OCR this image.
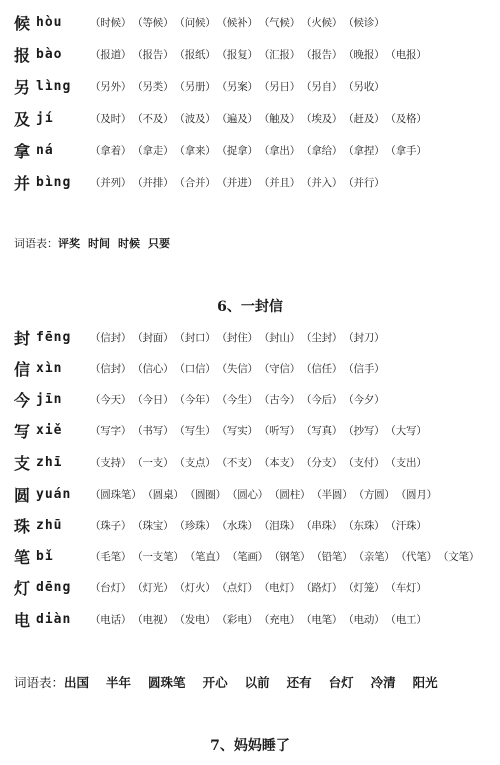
候 hòu	（时候） （等候） （问候） （候补） （气候） （火候） （候诊）
报 bào	（报道） （报告） （报纸） （报复） （汇报） （报告） （晚报） （电报）
另 lìng	（另外） （另类） （另册） （另案） （另日） （另自） （另收）
及 jí	（及时） （不及） （波及） （遍及） （触及） （埃及） （赶及） （及格）
拿 ná	（拿着） （拿走） （拿来） （捉拿） （拿出） （拿给） （拿捏） （拿手）
并 bìng	（并列） （并排） （合并） （并进） （并且） （并入） （并行）
词语表： 评奖 时间 时候 只要
6、一封信
封 fēng	（信封） （封面） （封口） （封住） （封山） （尘封） （封刀）
信 xìn	（信封） （信心） （口信） （失信） （守信） （信任） （信手）
今 jīn	（今天） （今日） （今年） （今生） （古今） （今后） （今夕）
写 xiě	（写字） （书写） （写生） （写实） （听写） （写真） （抄写） （大写）
支 zhī	（支持） （一支） （支点） （不支） （本支） （分支） （支付） （支出）
圆 yuán	（圆珠笔） （圆桌） （圆圈） （圆心） （圆柱） （半圆） （方圆） （圆月）
珠 zhū	（珠子） （珠宝） （珍珠） （水珠） （泪珠） （串珠） （东珠） （汗珠）
笔 bǐ	（毛笔） （一支笔） （笔直） （笔画） （钢笔） （铅笔） （亲笔） （代笔） （文笔）
灯 dēng	（台灯） （灯光） （灯火） （点灯） （电灯） （路灯） （灯笼） （车灯）
电 diàn	（电话） （电视） （发电） （彩电） （充电） （电笔） （电动） （电工）
词语表： 出国 半年 圆珠笔 开心 以前 还有 台灯 冷清 阳光
7、妈妈睡了
